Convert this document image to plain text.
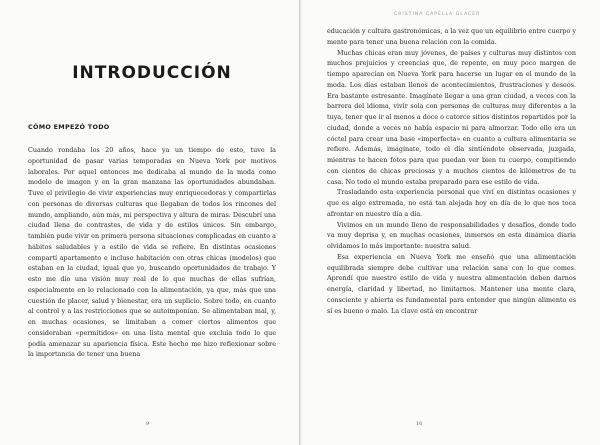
INTRODUCCIÓN
CÓMO EMPEZÓ TODO

Cuando rondaba los 20 años, hace ya un tiempo de esto, tuve la oportunidad de pasar varias temporadas en Nueva York por motivos laborales. Por aquel entonces me dedicaba al mundo de la moda como modelo de imagen y en la gran manzana las oportunidades abundaban. Tuve el privilegio de vivir experiencias muy enriquecedoras y compartirlas con personas de diversas culturas que llegaban de todos los rincones del mundo, ampliando, aún más, mi perspectiva y altura de miras. Descubrí una ciudad llena de contrastes, de vida y de estilos únicos. Sin embargo, también pude vivir en primera persona situaciones complicadas en cuanto a hábitos saludables y a estilo de vida se refiere. En distintas ocasiones compartí apartamento e incluso habitación con otras chicas (modelos) que estaban en la ciudad, igual que yo, buscando oportunidades de trabajo. Y esto me dio una visión muy real de lo que muchas de ellas sufrían, especialmente en lo relacionado con la alimentación, ya que, más que una cuestión de placer, salud y bienestar, era un suplicio. Sobre todo, en cuanto al control y a las restricciones que se autoimponían. Se alimentaban mal, y, en muchas ocasiones, se limitaban a comer ciertos alimentos que consideraban «permitidos» en una lista mental que excluía todo lo que podía amenazar su apariencia física. Este hecho me hizo reflexionar sobre la importancia de tener una buena

9
CRISTINA CAPELLA GLACER

educación y cultura gastronómicas, a la vez que un equilibrio entre cuerpo y mente para tener una buena relación con la comida.

Muchas chicas eran muy jóvenes, de países y culturas muy distintos con muchos prejuicios y creencias que, de repente, en muy poco margen de tiempo aparecían en Nueva York para hacerse un lugar en el mundo de la moda. Los días estaban llenos de acontecimientos, frustraciones y deseos. Era bastante estresante. Imagínate llegar a una gran ciudad, a veces con la barrera del idioma, vivir sola con personas de culturas muy diferentes a la tuya, tener que ir al menos a doce o catorce sitios distintos repartidos por la ciudad, donde a veces no había espacio ni para almorzar. Todo ello era un cóctel para crear una base «imperfecta» en cuanto a cultura alimentaria se refiere. Además, imagínate, todo el día sintiéndote observada, juzgada, mientras te hacen fotos para que puedan ver bien tu cuerpo, compitiendo con cientos de chicas preciosas y a muchos cientos de kilómetros de tu casa. No todo el mundo estaba preparado para ese estilo de vida.

Trasladando esta experiencia personal que viví en distintas ocasiones y que es algo extremada, no está tan alejada hoy en día de lo que nos toca afrontar en nuestro día a día.

Vivimos en un mundo lleno de responsabilidades y desafíos, donde todo va muy deprisa y, en muchas ocasiones, inmersos en esta dinámica diaria olvidamos lo más importante: nuestra salud.

Esa experiencia en Nueva York me enseñó que una alimentación equilibrada siempre debe cultivar una relación sana con lo que comes. Aprendí que nuestro estilo de vida y nuestra alimentación deben darnos energía, claridad y libertad, no limitarnos. Mantener una mente clara, consciente y abierta es fundamental para entender que ningún alimento es sí es bueno o malo. La clave está en encontrar

10
